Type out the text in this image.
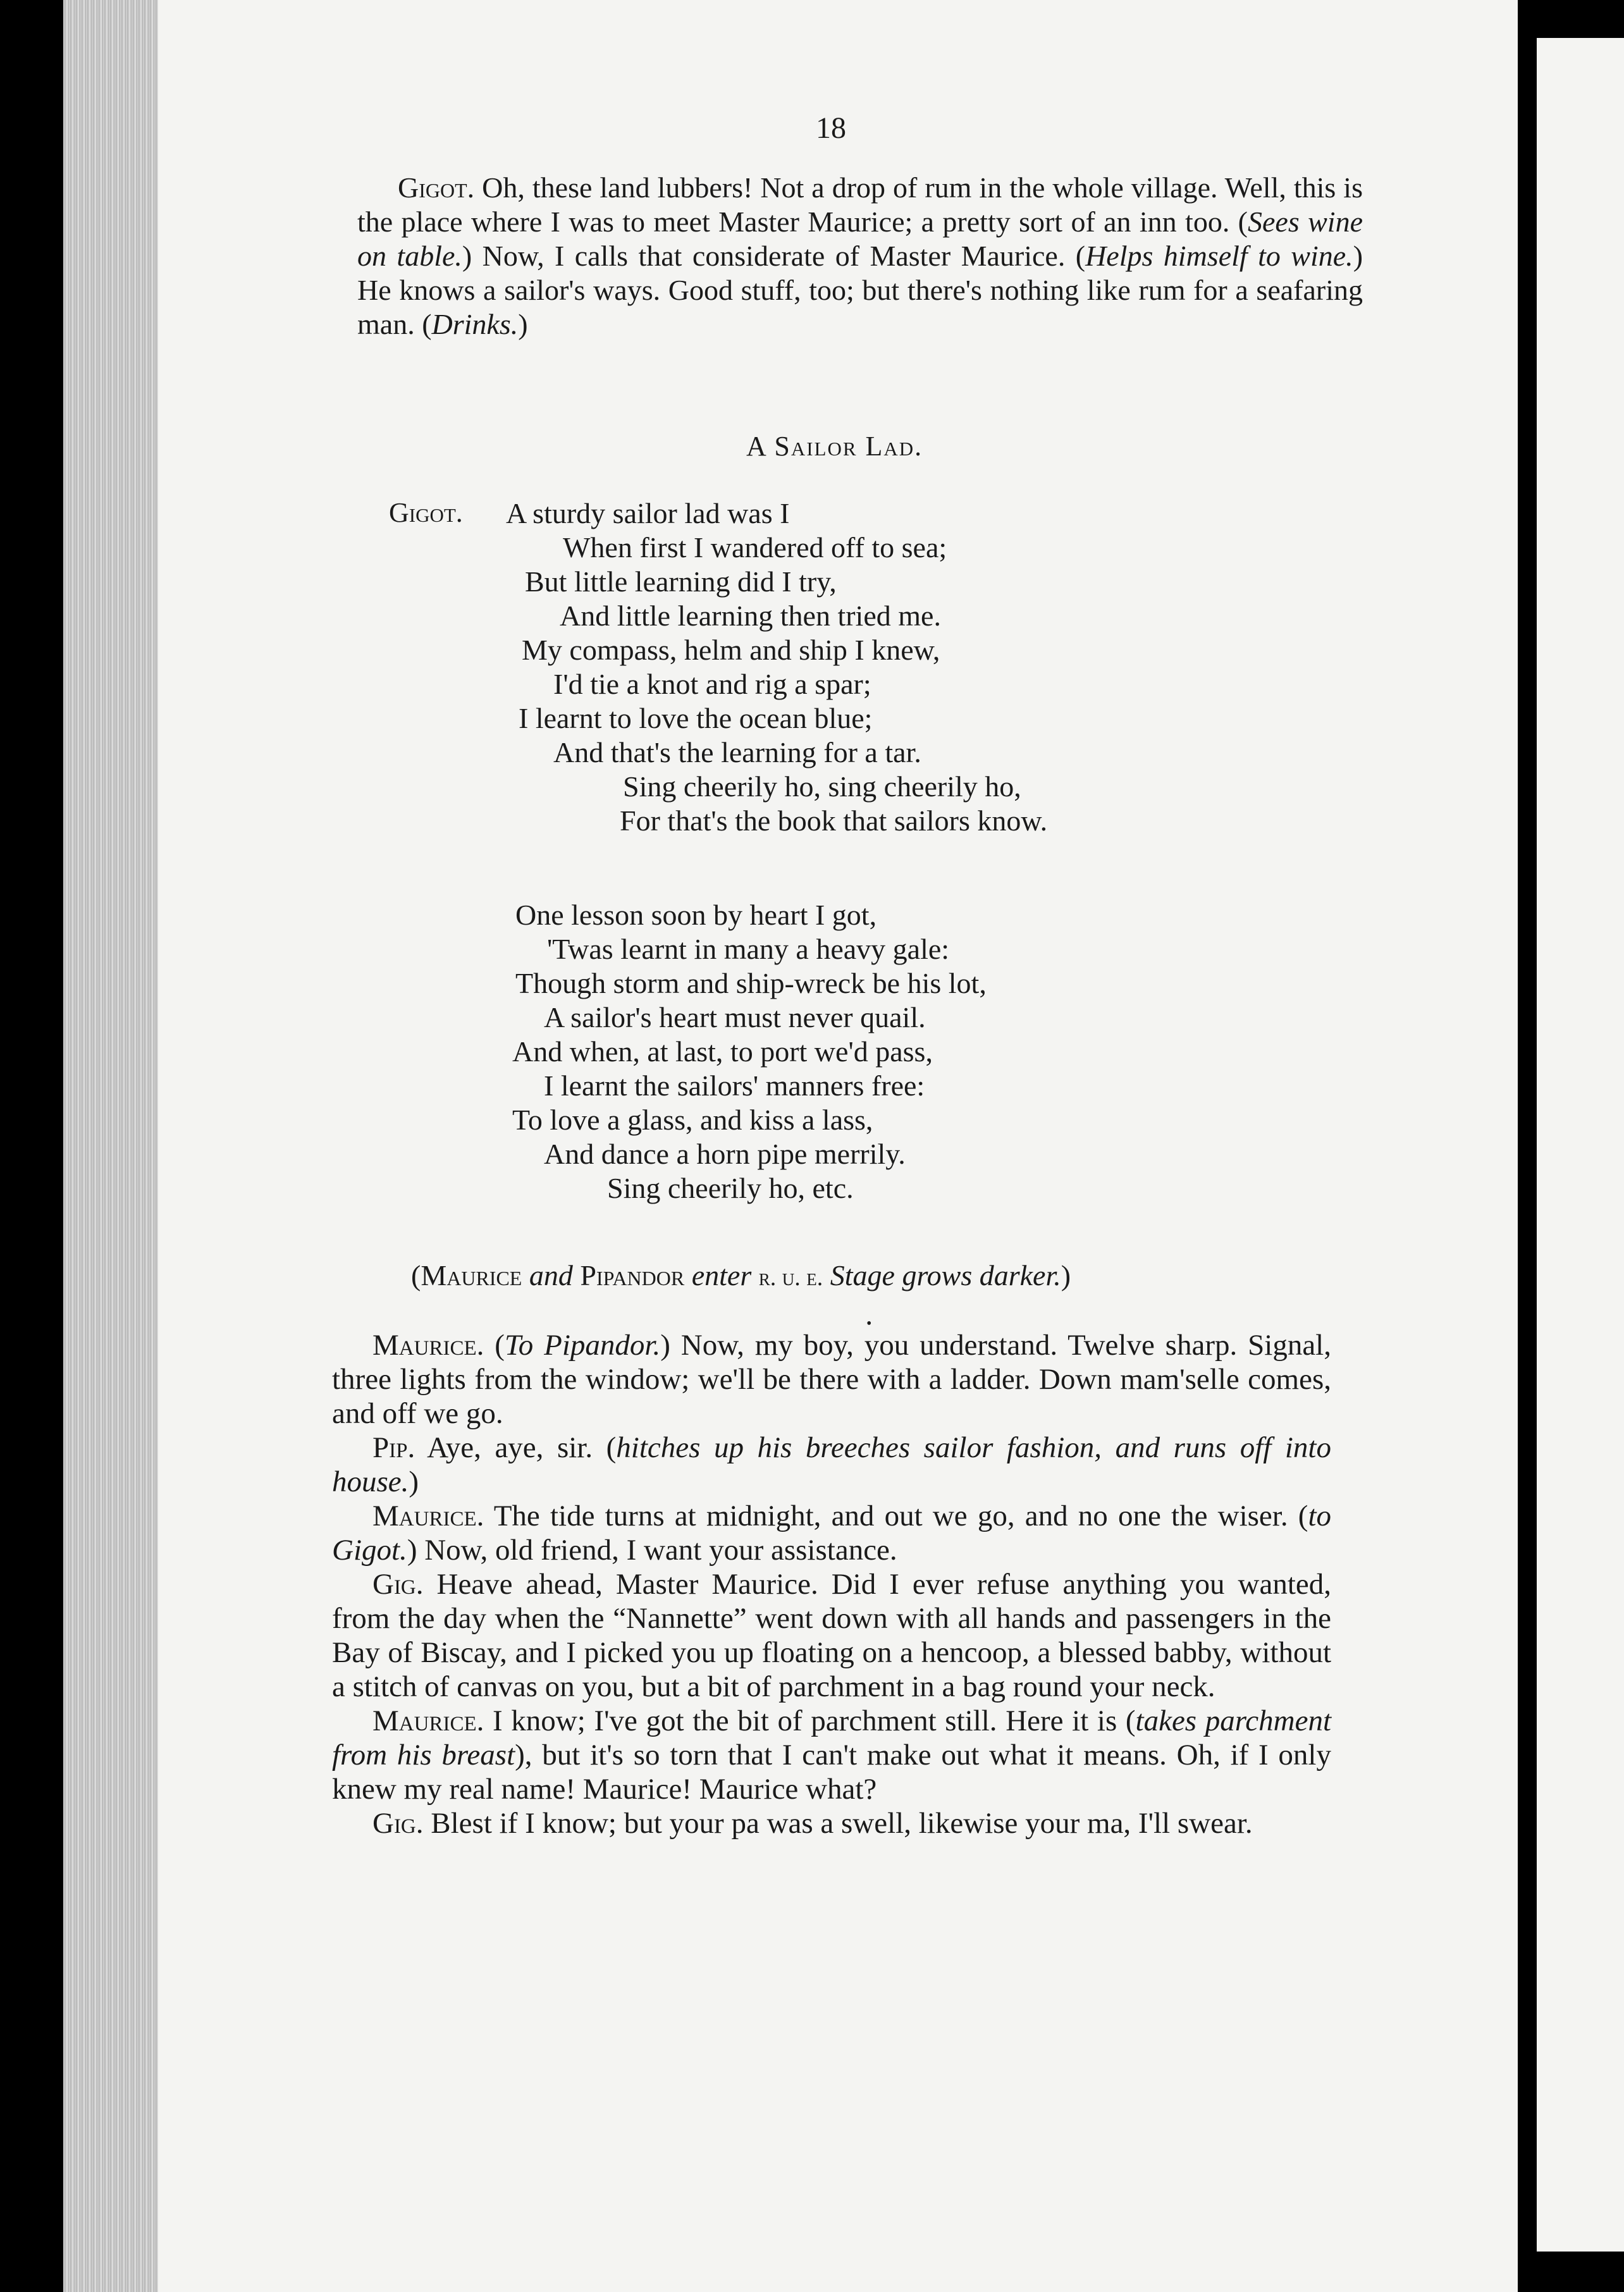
18

Gigot. Oh, these land lubbers! Not a drop of rum in the whole village. Well, this is the place where I was to meet Master Maurice; a pretty sort of an inn too. (Sees wine on table.) Now, I calls that considerate of Master Maurice. (Helps himself to wine.) He knows a sailor's ways. Good stuff, too; but there's nothing like rum for a seafaring man. (Drinks.)

A Sailor Lad.
Gigot. A sturdy sailor lad was I
When first I wandered off to sea;
But little learning did I try,
And little learning then tried me.
My compass, helm and ship I knew,
I'd tie a knot and rig a spar;
I learnt to love the ocean blue;
And that's the learning for a tar.
Sing cheerily ho, sing cheerily ho,
For that's the book that sailors know.
One lesson soon by heart I got,
'Twas learnt in many a heavy gale:
Though storm and ship-wreck be his lot,
A sailor's heart must never quail.
And when, at last, to port we'd pass,
I learnt the sailors' manners free:
To love a glass, and kiss a lass,
And dance a horn pipe merrily.
Sing cheerily ho, etc.
(Maurice and Pipandor enter r. u. e. Stage grows darker.)
•

Maurice. (To Pipandor.) Now, my boy, you understand. Twelve sharp. Signal, three lights from the window; we'll be there with a ladder. Down mam'selle comes, and off we go.

Pip. Aye, aye, sir. (hitches up his breeches sailor fashion, and runs off into house.)

Maurice. The tide turns at midnight, and out we go, and no one the wiser. (to Gigot.) Now, old friend, I want your assistance.

Gig. Heave ahead, Master Maurice. Did I ever refuse anything you wanted, from the day when the “Nannette” went down with all hands and passengers in the Bay of Biscay, and I picked you up floating on a hencoop, a blessed babby, without a stitch of canvas on you, but a bit of parchment in a bag round your neck.

Maurice. I know; I've got the bit of parchment still. Here it is (takes parchment from his breast), but it's so torn that I can't make out what it means. Oh, if I only knew my real name! Maurice! Maurice what?

Gig. Blest if I know; but your pa was a swell, likewise your ma, I'll swear.
